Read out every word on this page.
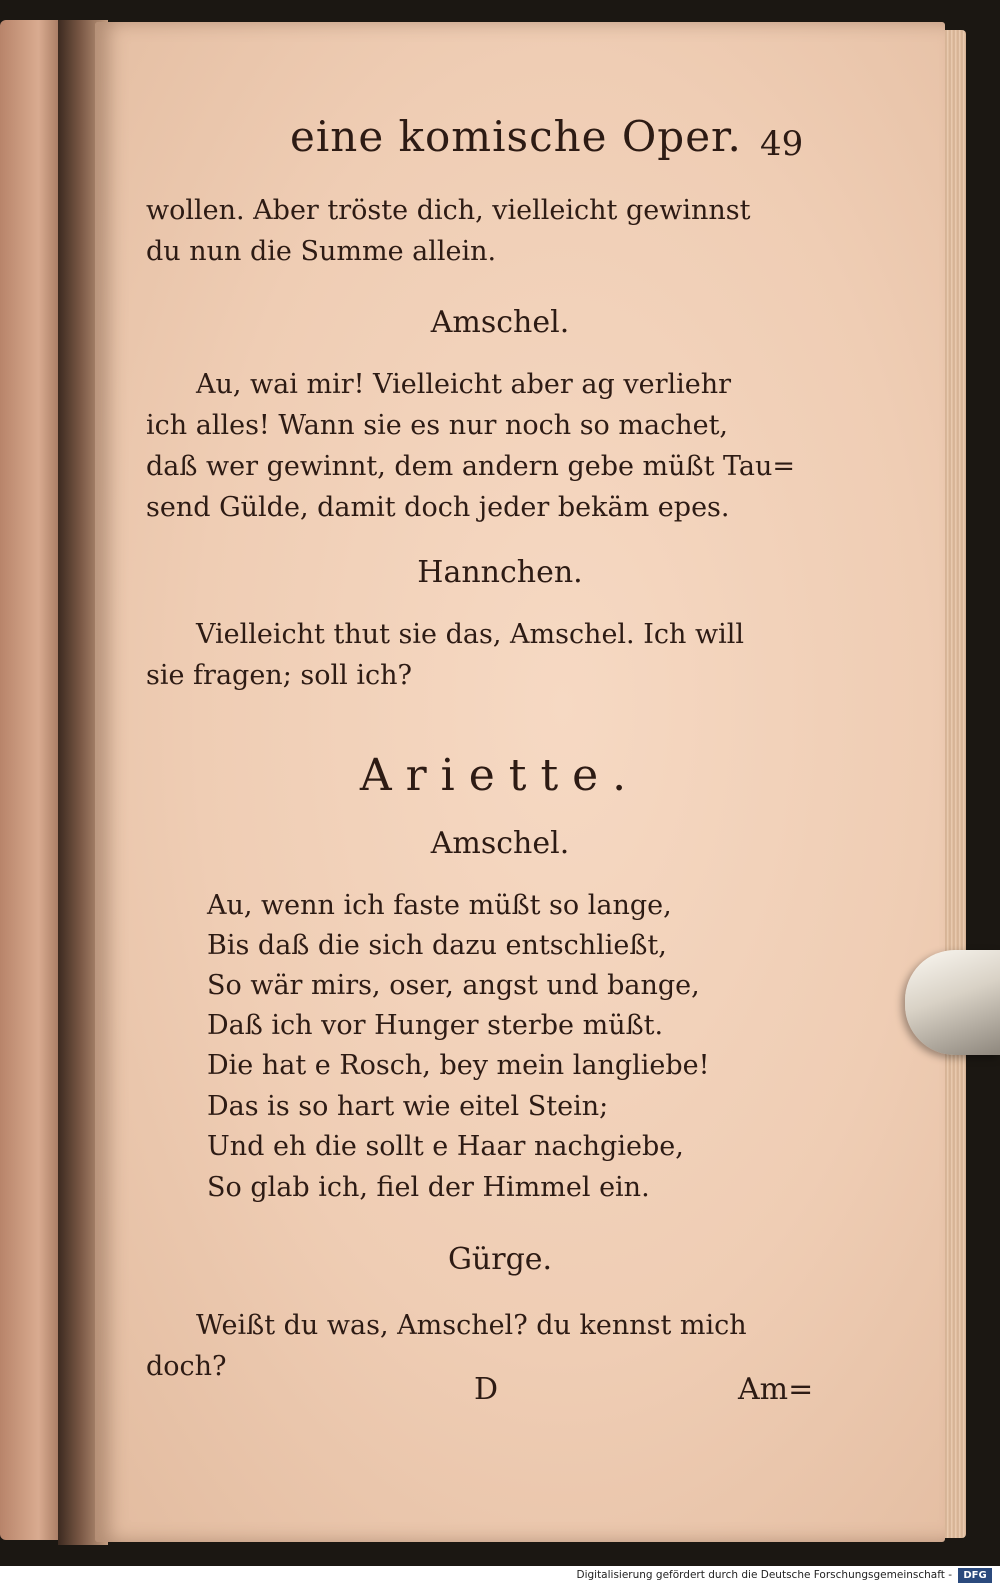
eine komische Oper. 49
wollen. Aber tröste dich, vielleicht gewinnst
du nun die Summe allein.
Amschel.
Au, wai mir! Vielleicht aber ag verliehr
ich alles! Wann sie es nur noch so machet,
daß wer gewinnt, dem andern gebe müßt Tau=
send Gülde, damit doch jeder bekäm epes.
Hannchen.
Vielleicht thut sie das, Amschel. Ich will
sie fragen; soll ich?
Ariette.
Amschel.
Au, wenn ich faste müßt so lange,
Bis daß die sich dazu entschließt,
So wär mirs, oser, angst und bange,
Daß ich vor Hunger sterbe müßt.
Die hat e Rosch, bey mein langliebe!
Das is so hart wie eitel Stein;
Und eh die sollt e Haar nachgiebe,
So glab ich, fiel der Himmel ein.
Gürge.
Weißt du was, Amschel? du kennst mich
doch?
D	Am=
Digitalisierung gefördert durch die Deutsche Forschungsgemeinschaft -	DFG
